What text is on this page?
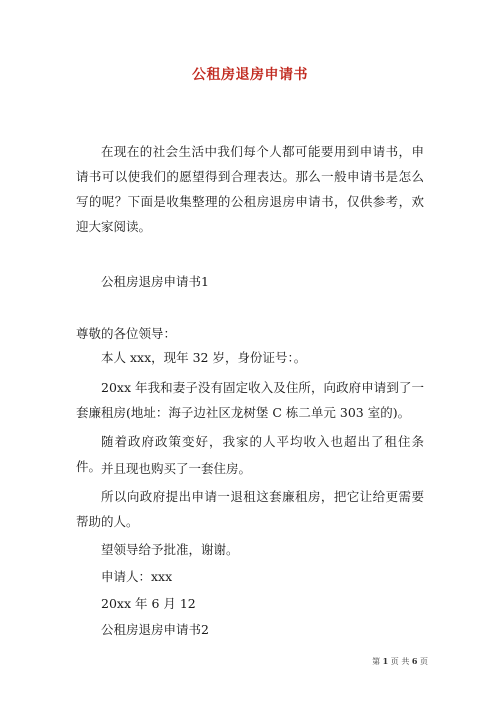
公租房退房申请书
在现在的社会生活中我们每个人都可能要用到申请书，申请书可以使我们的愿望得到合理表达。那么一般申请书是怎么写的呢？下面是收集整理的公租房退房申请书，仅供参考，欢迎大家阅读。
公租房退房申请书1
尊敬的各位领导：
本人 xxx，现年 32 岁，身份证号：。
20xx 年我和妻子没有固定收入及住所，向政府申请到了一套廉租房(地址：海子边社区龙树堡 C 栋二单元 303 室的)。
随着政府政策变好，我家的人平均收入也超出了租住条件。 并且现也购买了一套住房。
所以向政府提出申请一退租这套廉租房，把它让给更需要帮助的人。
望领导给予批准，谢谢。
申请人：xxx
20xx 年 6 月 12
公租房退房申请书2
第 1 页 共 6 页
